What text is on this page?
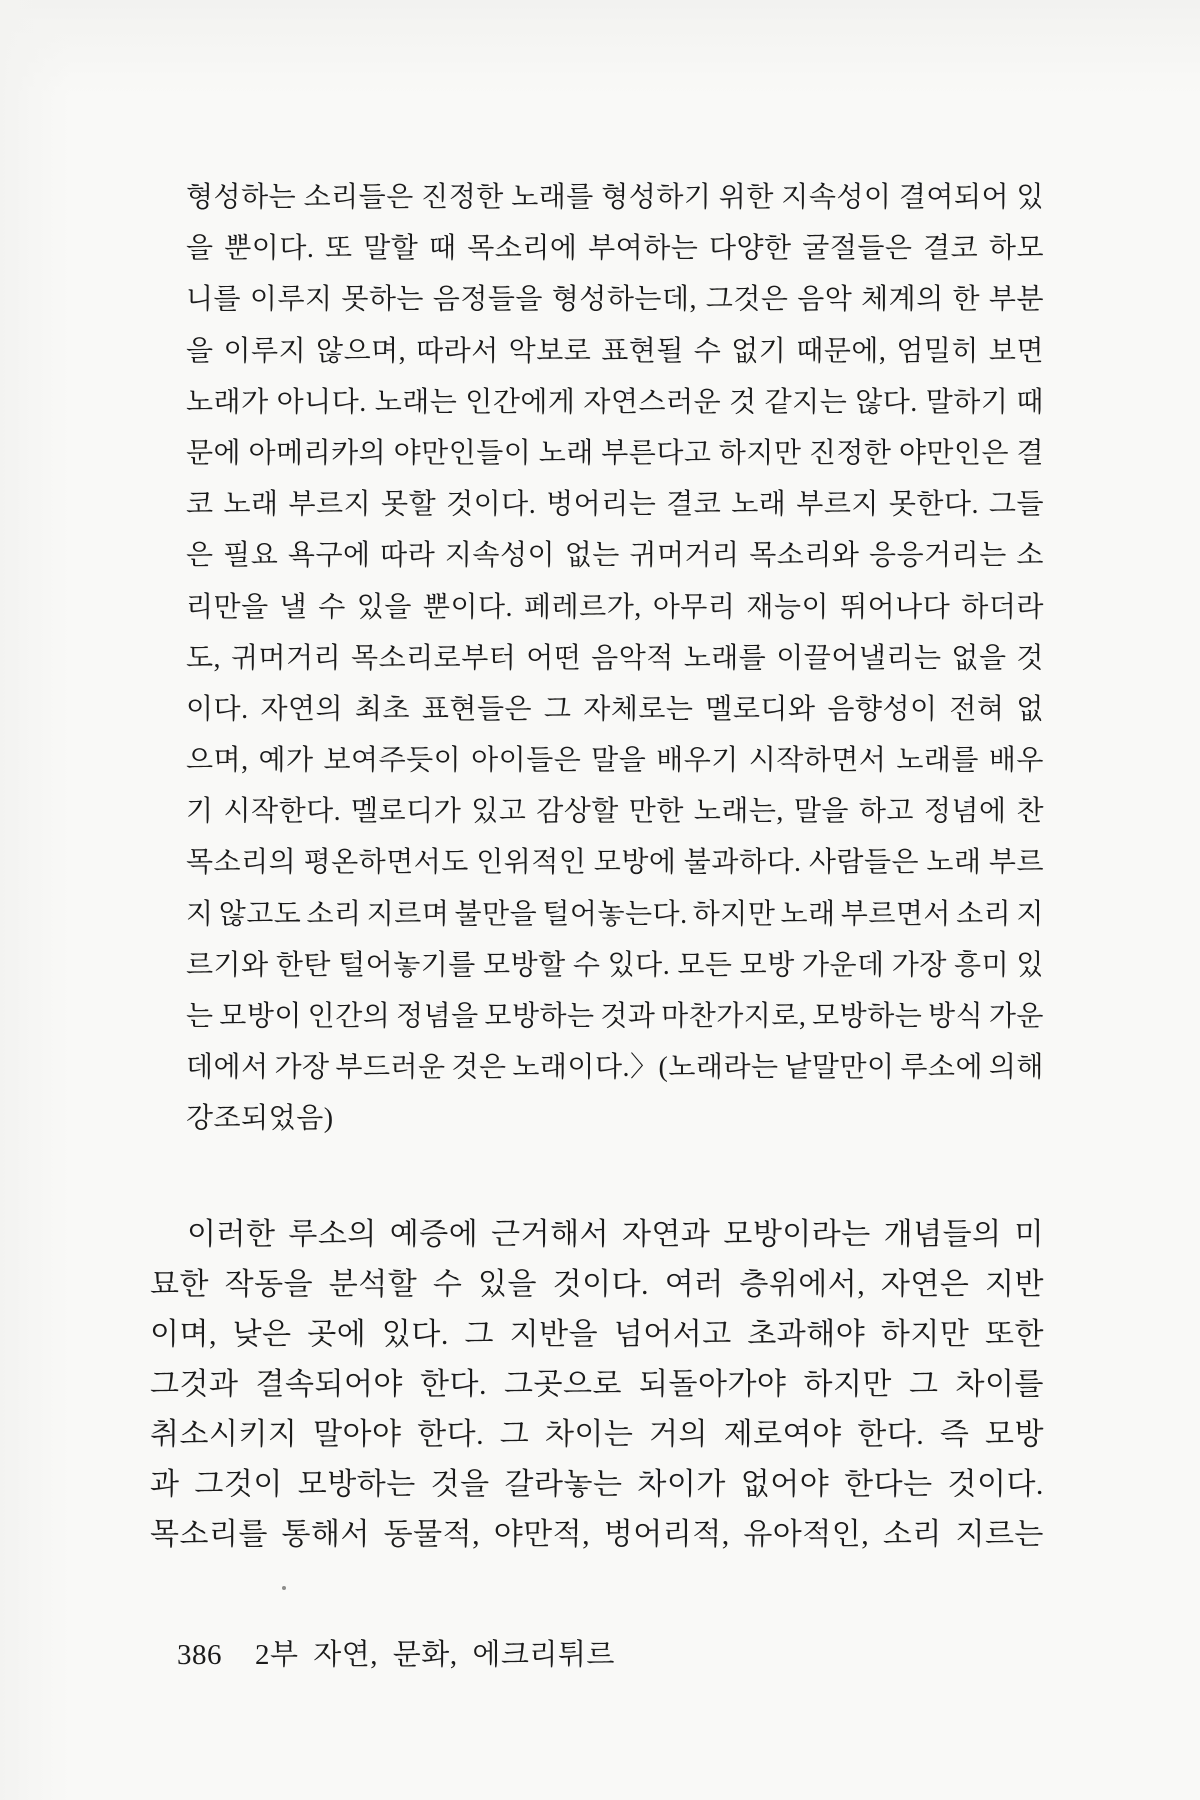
형성하는 소리들은 진정한 노래를 형성하기 위한 지속성이 결여되어 있
을 뿐이다. 또 말할 때 목소리에 부여하는 다양한 굴절들은 결코 하모
니를 이루지 못하는 음정들을 형성하는데, 그것은 음악 체계의 한 부분
을 이루지 않으며, 따라서 악보로 표현될 수 없기 때문에, 엄밀히 보면
노래가 아니다. 노래는 인간에게 자연스러운 것 같지는 않다. 말하기 때
문에 아메리카의 야만인들이 노래 부른다고 하지만 진정한 야만인은 결
코 노래 부르지 못할 것이다. 벙어리는 결코 노래 부르지 못한다. 그들
은 필요 욕구에 따라 지속성이 없는 귀머거리 목소리와 응응거리는 소
리만을 낼 수 있을 뿐이다. 페레르가, 아무리 재능이 뛰어나다 하더라
도, 귀머거리 목소리로부터 어떤 음악적 노래를 이끌어낼리는 없을 것
이다. 자연의 최초 표현들은 그 자체로는 멜로디와 음향성이 전혀 없
으며, 예가 보여주듯이 아이들은 말을 배우기 시작하면서 노래를 배우
기 시작한다. 멜로디가 있고 감상할 만한 노래는, 말을 하고 정념에 찬
목소리의 평온하면서도 인위적인 모방에 불과하다. 사람들은 노래 부르
지 않고도 소리 지르며 불만을 털어놓는다. 하지만 노래 부르면서 소리 지
르기와 한탄 털어놓기를 모방할 수 있다. 모든 모방 가운데 가장 흥미 있
는 모방이 인간의 정념을 모방하는 것과 마찬가지로, 모방하는 방식 가운
데에서 가장 부드러운 것은 노래이다.〉(노래라는 낱말만이 루소에 의해
강조되었음)
이러한 루소의 예증에 근거해서 자연과 모방이라는 개념들의 미
묘한 작동을 분석할 수 있을 것이다. 여러 층위에서, 자연은 지반
이며, 낮은 곳에 있다. 그 지반을 넘어서고 초과해야 하지만 또한
그것과 결속되어야 한다. 그곳으로 되돌아가야 하지만 그 차이를
취소시키지 말아야 한다. 그 차이는 거의 제로여야 한다. 즉 모방
과 그것이 모방하는 것을 갈라놓는 차이가 없어야 한다는 것이다.
목소리를 통해서 동물적, 야만적, 벙어리적, 유아적인, 소리 지르는
386 2부 자연, 문화, 에크리튀르
